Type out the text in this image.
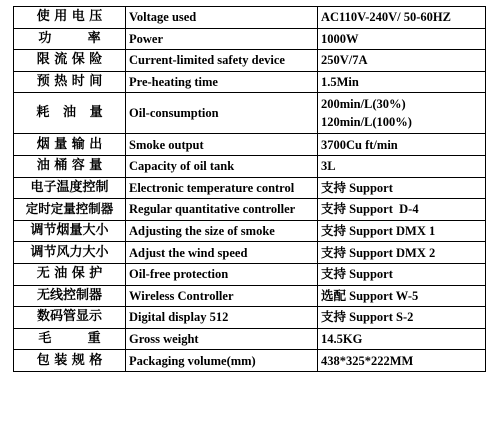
使 用 电 压	Voltage used	AC110V-240V/ 50-60HZ
功        率	Power	1000W
限 流 保 险	Current-limited safety device	250V/7A
预 热 时 间	Pre-heating time	1.5Min
耗   油   量	Oil-consumption	200min/L(30%)
120min/L(100%)

烟 量 输 出	Smoke output	3700Cu ft/min
油 桶 容 量	Capacity of oil tank	3L
电子温度控制	Electronic temperature control	支持 Support
定时定量控制器	Regular quantitative controller	支持 Support  D-4
调节烟量大小	Adjusting the size of smoke	支持 Support DMX 1
调节风力大小	Adjust the wind speed	支持 Support DMX 2
无 油 保 护	Oil-free protection	支持 Support
无线控制器	Wireless Controller	选配 Support W-5
数码管显示	Digital display 512	支持 Support S-2
毛        重	Gross weight	14.5KG
包 装 规 格	Packaging volume(mm)	438*325*222MM
